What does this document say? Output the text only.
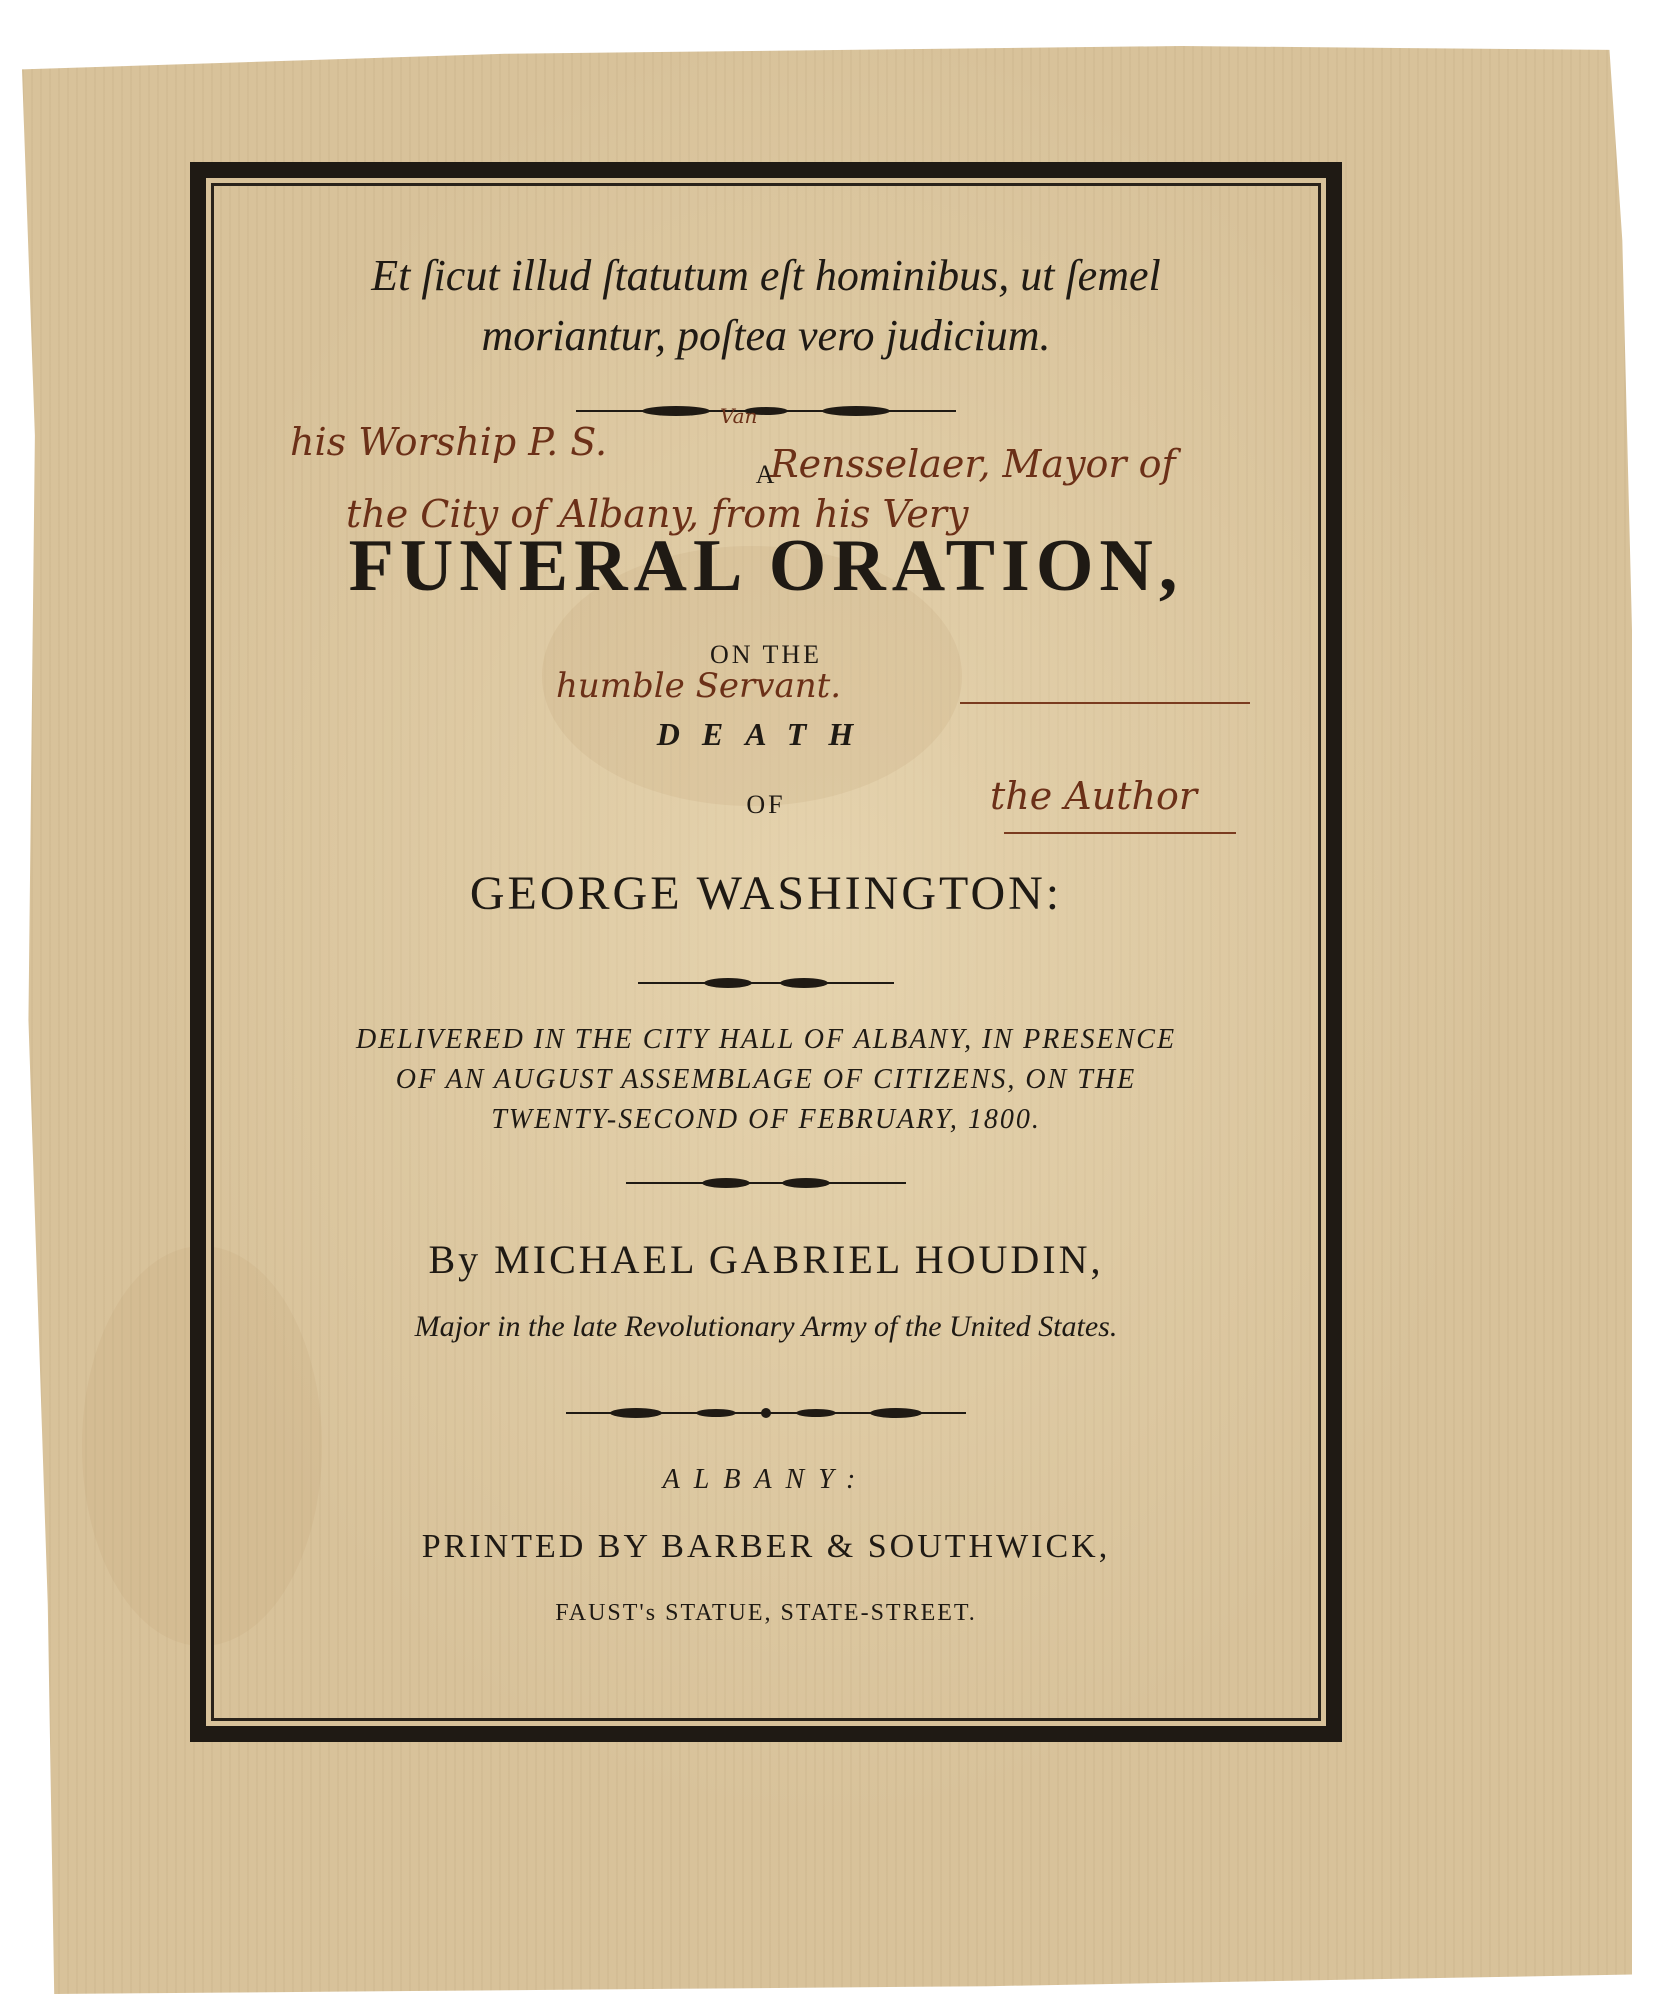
Et ſicut illud ſtatutum eſt hominibus, ut ſemel
moriantur, poſtea vero judicium.

A

FUNERAL ORATION,

ON THE

DEATH

OF

GEORGE WASHINGTON:

DELIVERED IN THE CITY HALL OF ALBANY, IN PRESENCE
OF AN AUGUST ASSEMBLAGE OF CITIZENS, ON THE
TWENTY-SECOND OF FEBRUARY, 1800.

By MICHAEL GABRIEL HOUDIN,

Major in the late Revolutionary Army of the United States.

ALBANY:

PRINTED BY BARBER & SOUTHWICK,

FAUST's STATUE, STATE-STREET.

his Worship P. S.

Van

Rensselaer, Mayor of

the City of Albany, from his Very

humble Servant.

the Author
